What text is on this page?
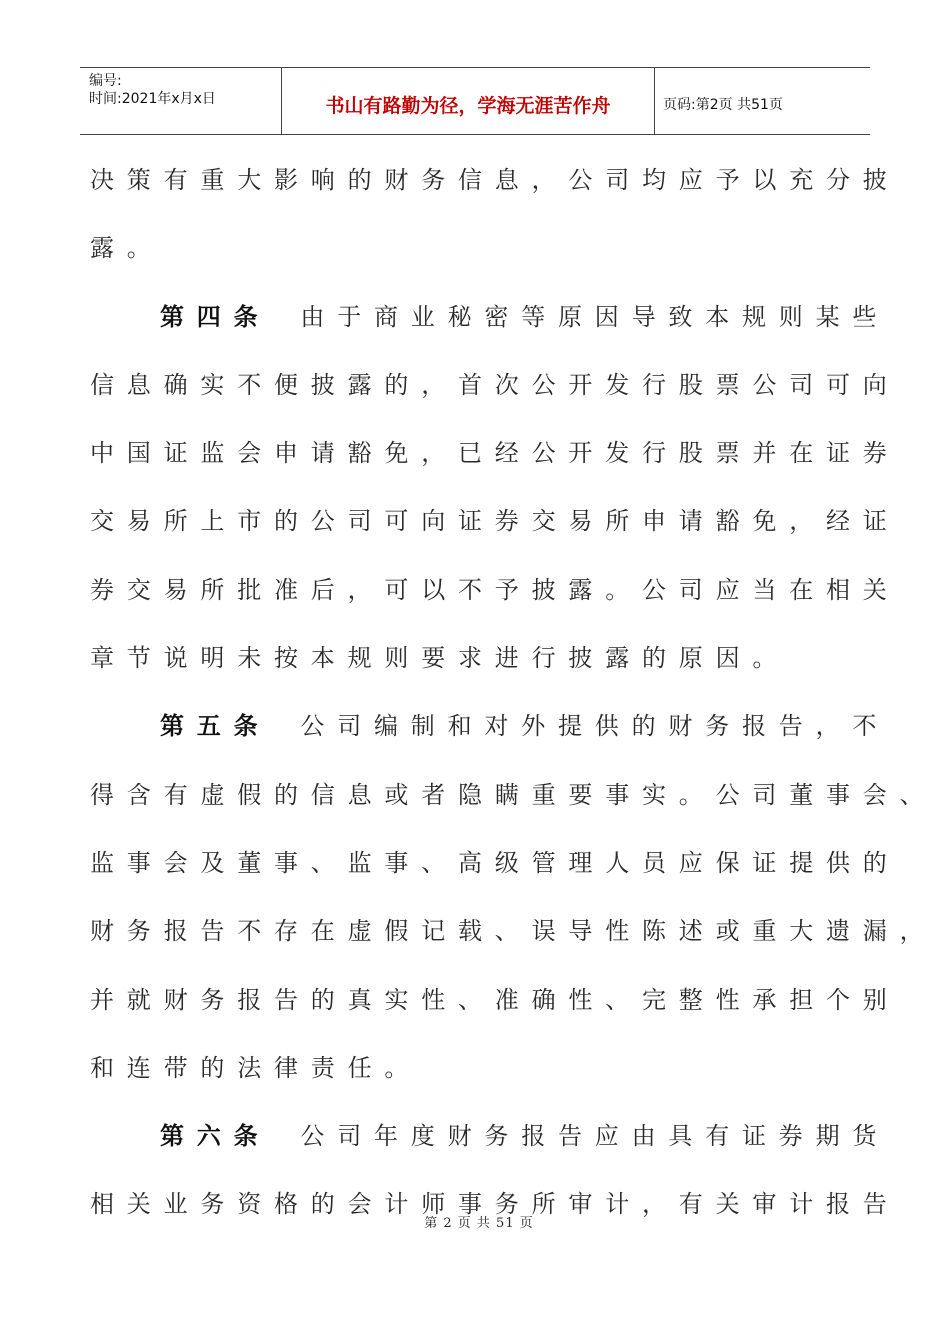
编号:
时间:2021年x月x日	书山有路勤为径，学海无涯苦作舟	页码:第2页 共51页
决策有重大影响的财务信息，公司均应予以充分披
露。
第四条 由于商业秘密等原因导致本规则某些
信息确实不便披露的，首次公开发行股票公司可向
中国证监会申请豁免，已经公开发行股票并在证券
交易所上市的公司可向证券交易所申请豁免，经证
券交易所批准后，可以不予披露。公司应当在相关
章节说明未按本规则要求进行披露的原因。
第五条 公司编制和对外提供的财务报告，不
得含有虚假的信息或者隐瞒重要事实。公司董事会、
监事会及董事、监事、高级管理人员应保证提供的
财务报告不存在虚假记载、误导性陈述或重大遗漏，
并就财务报告的真实性、准确性、完整性承担个别
和连带的法律责任。
第六条 公司年度财务报告应由具有证券期货
相关业务资格的会计师事务所审计，有关审计报告
第 2 页 共 51 页
